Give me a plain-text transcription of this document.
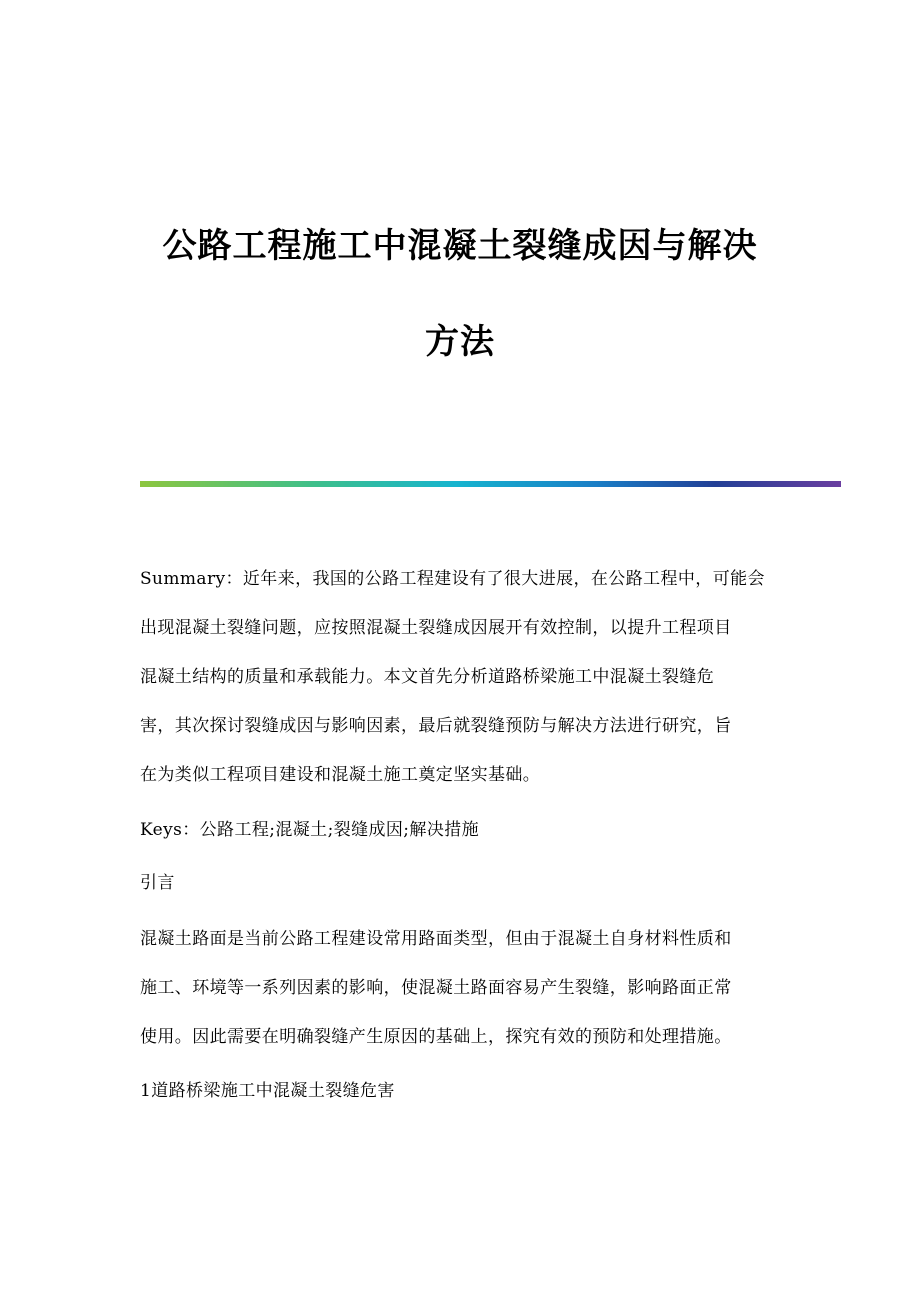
公路工程施工中混凝土裂缝成因与解决
方法
Summary：近年来，我国的公路工程建设有了很大进展，在公路工程中，可能会
出现混凝土裂缝问题，应按照混凝土裂缝成因展开有效控制，以提升工程项目
混凝土结构的质量和承载能力。本文首先分析道路桥梁施工中混凝土裂缝危
害，其次探讨裂缝成因与影响因素，最后就裂缝预防与解决方法进行研究，旨
在为类似工程项目建设和混凝土施工奠定坚实基础。
Keys：公路工程;混凝土;裂缝成因;解决措施
引言
混凝土路面是当前公路工程建设常用路面类型，但由于混凝土自身材料性质和
施工、环境等一系列因素的影响，使混凝土路面容易产生裂缝，影响路面正常
使用。因此需要在明确裂缝产生原因的基础上，探究有效的预防和处理措施。
1道路桥梁施工中混凝土裂缝危害
